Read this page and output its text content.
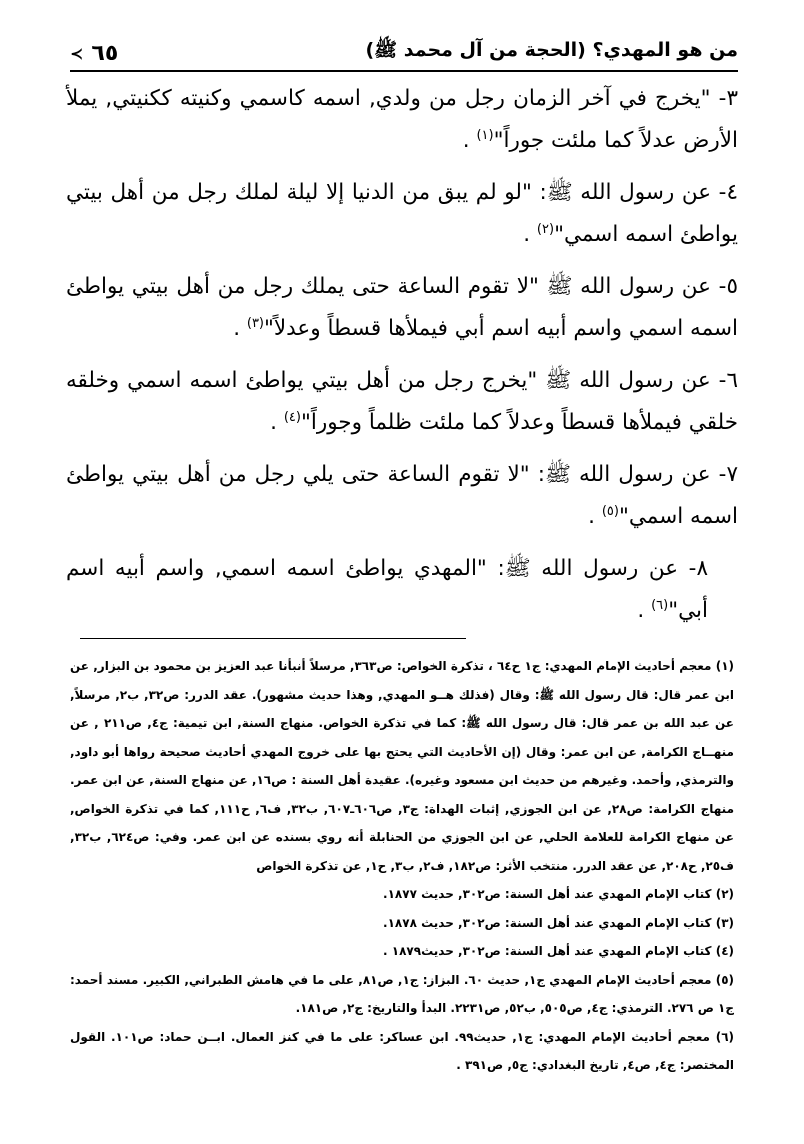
من هو المهدي؟ (الحجة من آل محمد ﷺ)
≺ ٦٥

٣- "يخرج في آخر الزمان رجل من ولدي, اسمه كاسمي وكنيته ككنيتي, يملأ الأرض عدلاً كما ملئت جوراً"$^{(١)}$ .

٤- عن رسول الله ﷺ: "لو لم يبق من الدنيا إلا ليلة لملك رجل من أهل بيتي يواطئ اسمه اسمي"$^{(٢)}$ .

٥- عن رسول الله ﷺ "لا تقوم الساعة حتى يملك رجل من أهل بيتي يواطئ اسمه اسمي واسم أبيه اسم أبي فيملأها قسطاً وعدلاً"$^{(٣)}$ .

٦- عن رسول الله ﷺ "يخرج رجل من أهل بيتي يواطئ اسمه اسمي وخلقه خلقي فيملأها قسطاً وعدلاً كما ملئت ظلماً وجوراً"$^{(٤)}$ .

٧- عن رسول الله ﷺ: "لا تقوم الساعة حتى يلي رجل من أهل بيتي يواطئ اسمه اسمي"$^{(٥)}$ .

٨- عن رسول الله ﷺ: "المهدي يواطئ اسمه اسمي, واسم أبيه اسم أبي"$^{(٦)}$ .

(١) معجم أحاديث الإمام المهدي: ج١ ح٦٤ ، تذكرة الخواص: ص٣٦٣, مرسلاً أنبأنا عبد العزيز بن محمود بن البزار, عن ابن عمر قال: قال رسول الله ﷺ: وقال (فذلك هــو المهدي, وهذا حديث مشهور). عقد الدرر: ص٣٢, ب٢, مرسلاً, عن عبد الله بن عمر قال: قال رسول الله ﷺ: كما في تذكرة الخواص. منهاج السنة, ابن تيمية: ج٤, ص٢١١ , عن منهــاج الكرامة, عن ابن عمر: وقال (إن الأحاديث التي يحتج بها على خروج المهدي أحاديث صحيحة رواها أبو داود, والترمذي, وأحمد. وغيرهم من حديث ابن مسعود وغيره). عقيدة أهل السنة : ص١٦, عن منهاج السنة, عن ابن عمر. منهاج الكرامة: ص٢٨, عن ابن الجوزي, إثبات الهداة: ج٣, ص٦٠٦ـ٦٠٧, ب٣٢, ف٦, ح١١١, كما في تذكرة الخواص, عن منهاج الكرامة للعلامة الحلي, عن ابن الجوزي من الحنابلة أنه روي بسنده عن ابن عمر. وفي: ص٦٢٤, ب٣٢, ف٢٥, ح٢٠٨, عن عقد الدرر. منتخب الأثر: ص١٨٢, ف٢, ب٣, ح١, عن تذكرة الخواص

(٢) كتاب الإمام المهدي عند أهل السنة: ص٣٠٢, حديث ١٨٧٧.

(٣) كتاب الإمام المهدي عند أهل السنة: ص٣٠٢, حديث ١٨٧٨.

(٤) كتاب الإمام المهدي عند أهل السنة: ص٣٠٢, حديث١٨٧٩ .

(٥) معجم أحاديث الإمام المهدي ج١, حديث ٦٠. البزاز: ج١, ص٨١, على ما في هامش الطبراني, الكبير. مسند أحمد: ج١ ص ٢٧٦. الترمذي: ج٤, ص٥٠٥, ب٥٢, ص٢٢٣١. البدأ والتاريخ: ج٢, ص١٨١.

(٦) معجم أحاديث الإمام المهدي: ج١, حديث٩٩. ابن عساكر: على ما في كنز العمال. ابــن حماد: ص١٠١. القول المختصر: ج٤, ص٤, تاريخ البغدادي: ج٥, ص٣٩١ .
